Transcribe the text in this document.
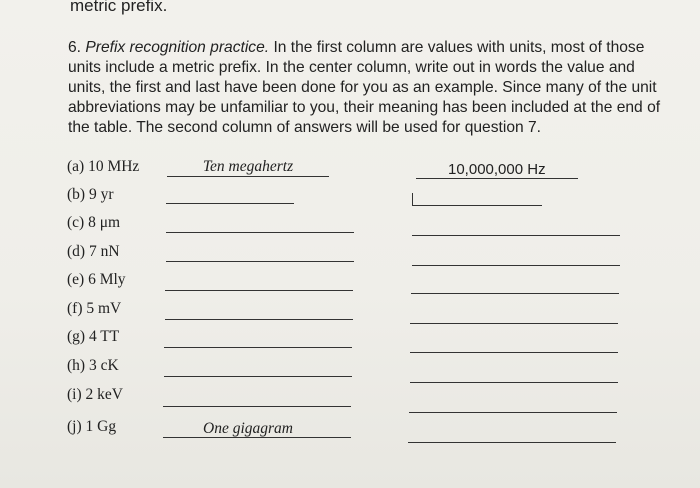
metric prefix.
6. Prefix recognition practice. In the first column are values with units, most of those units include a metric prefix. In the center column, write out in words the value and units, the first and last have been done for you as an example. Since many of the unit abbreviations may be unfamiliar to you, their meaning has been included at the end of the table. The second column of answers will be used for question 7.
(a) 10 MHz	Ten megahertz	10,000,000 Hz
(b) 9 yr
(c) 8 μm
(d) 7 nN
(e) 6 Mly
(f) 5 mV
(g) 4 TT
(h) 3 cK
(i) 2 keV
(j) 1 Gg	One gigagram
